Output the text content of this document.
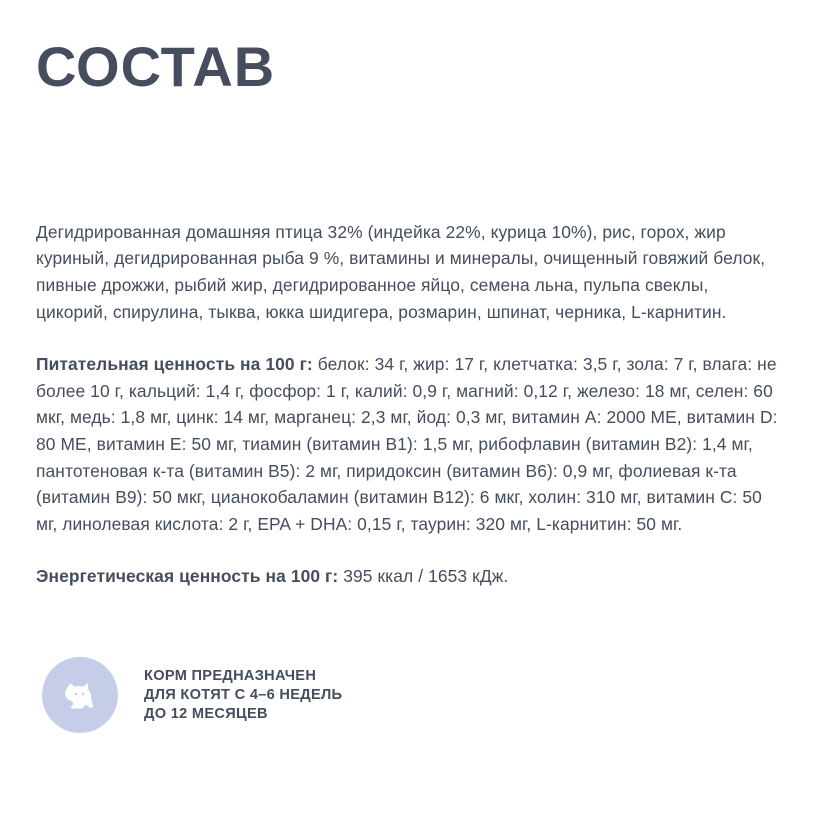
СОСТАВ

Дегидрированная домашняя птица 32% (индейка 22%, курица 10%), рис, горох, жир куриный, дегидрированная рыба 9 %, витамины и минералы, очищенный говяжий белок, пивные дрожжи, рыбий жир, дегидрированное яйцо, семена льна, пульпа свеклы, цикорий, спирулина, тыква, юкка шидигера, розмарин, шпинат, черника, L-карнитин.

Питательная ценность на 100 г: белок: 34 г, жир: 17 г, клетчатка: 3,5 г, зола: 7 г, влага: не более 10 г, кальций: 1,4 г, фосфор: 1 г, калий: 0,9 г, магний: 0,12 г, железо: 18 мг, селен: 60 мкг, медь: 1,8 мг, цинк: 14 мг, марганец: 2,3 мг, йод: 0,3 мг, витамин A: 2000 МЕ, витамин D: 80 МЕ, витамин E: 50 мг, тиамин (витамин B1): 1,5 мг, рибофлавин (витамин B2): 1,4 мг, пантотеновая к-та (витамин B5): 2 мг, пиридоксин (витамин B6): 0,9 мг, фолиевая к-та (витамин B9): 50 мкг, цианокобаламин (витамин B12): 6 мкг, холин: 310 мг, витамин C: 50 мг, линолевая кислота: 2 г, EPA + DHA: 0,15 г, таурин: 320 мг, L-карнитин: 50 мг.

Энергетическая ценность на 100 г: 395 ккал / 1653 кДж.

КОРМ ПРЕДНАЗНАЧЕН
ДЛЯ КОТЯТ С 4–6 НЕДЕЛЬ
ДО 12 МЕСЯЦЕВ
